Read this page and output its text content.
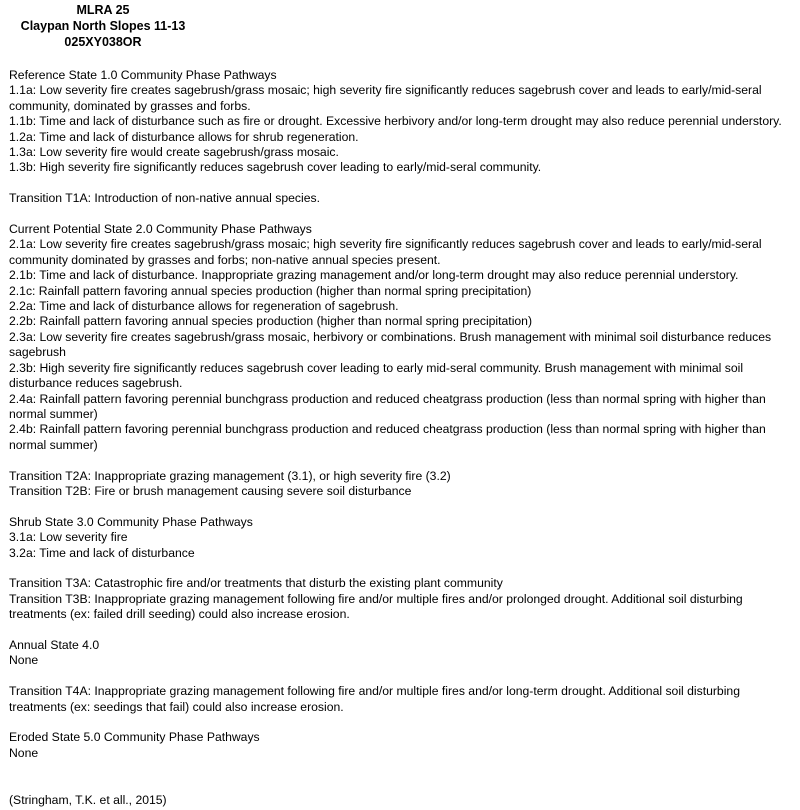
MLRA 25
Claypan North Slopes 11-13
025XY038OR

Reference State 1.0 Community Phase Pathways

1.1a: Low severity fire creates sagebrush/grass mosaic; high severity fire significantly reduces sagebrush cover and leads to early/mid-seral community, dominated by grasses and forbs.

1.1b: Time and lack of disturbance such as fire or drought. Excessive herbivory and/or long-term drought may also reduce perennial understory.

1.2a: Time and lack of disturbance allows for shrub regeneration.

1.3a: Low severity fire would create sagebrush/grass mosaic.

1.3b: High severity fire significantly reduces sagebrush cover leading to early/mid-seral community.

Transition T1A: Introduction of non-native annual species.

Current Potential State 2.0 Community Phase Pathways

2.1a: Low severity fire creates sagebrush/grass mosaic; high severity fire significantly reduces sagebrush cover and leads to early/mid-seral community dominated by grasses and forbs; non-native annual species present.

2.1b: Time and lack of disturbance. Inappropriate grazing management and/or long-term drought may also reduce perennial understory.

2.1c: Rainfall pattern favoring annual species production (higher than normal spring precipitation)

2.2a: Time and lack of disturbance allows for regeneration of sagebrush.

2.2b: Rainfall pattern favoring annual species production (higher than normal spring precipitation)

2.3a: Low severity fire creates sagebrush/grass mosaic, herbivory or combinations. Brush management with minimal soil disturbance reduces sagebrush

2.3b: High severity fire significantly reduces sagebrush cover leading to early mid-seral community. Brush management with minimal soil disturbance reduces sagebrush.

2.4a: Rainfall pattern favoring perennial bunchgrass production and reduced cheatgrass production (less than normal spring with higher than normal summer)

2.4b: Rainfall pattern favoring perennial bunchgrass production and reduced cheatgrass production (less than normal spring with higher than normal summer)

Transition T2A: Inappropriate grazing management (3.1), or high severity fire (3.2)

Transition T2B: Fire or brush management causing severe soil disturbance

Shrub State 3.0 Community Phase Pathways

3.1a: Low severity fire

3.2a: Time and lack of disturbance

Transition T3A: Catastrophic fire and/or treatments that disturb the existing plant community

Transition T3B: Inappropriate grazing management following fire and/or multiple fires and/or prolonged drought. Additional soil disturbing treatments (ex: failed drill seeding) could also increase erosion.

Annual State 4.0

None

Transition T4A: Inappropriate grazing management following fire and/or multiple fires and/or long-term drought. Additional soil disturbing treatments (ex: seedings that fail) could also increase erosion.

Eroded State 5.0 Community Phase Pathways

None

(Stringham, T.K. et all., 2015)
